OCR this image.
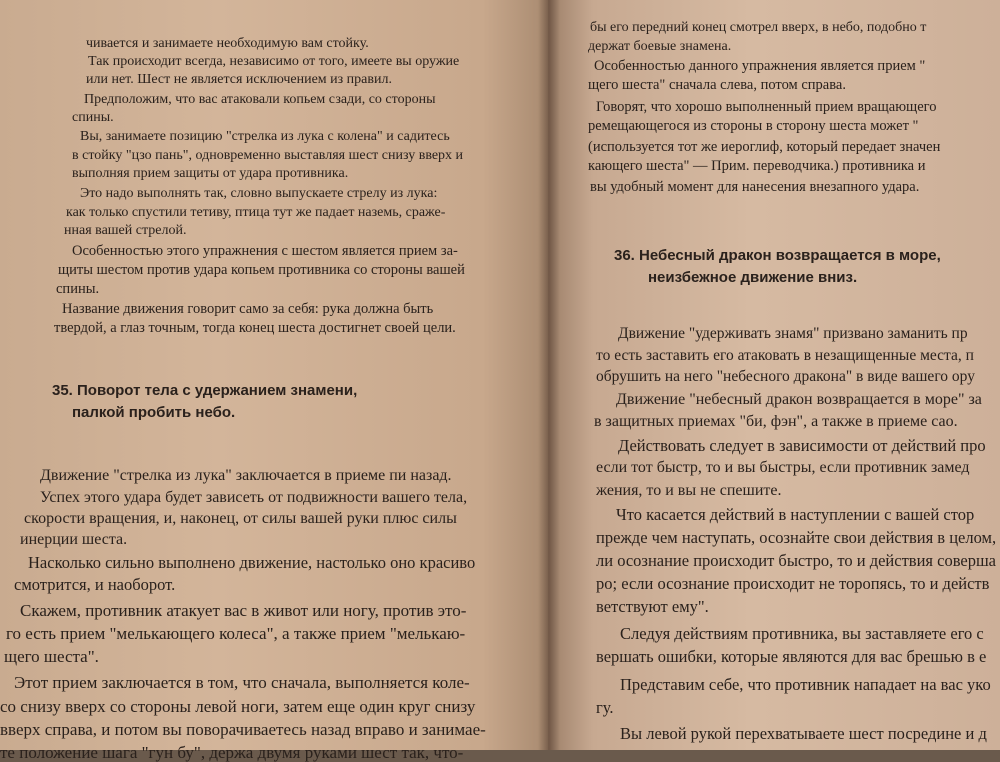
чивается и занимаете необходимую вам стойку.

Так происходит всегда, независимо от того, имеете вы оружие

или нет. Шест не является исключением из правил.

Предположим, что вас атаковали копьем сзади, со стороны

спины.

Вы, занимаете позицию "стрелка из лука с колена" и садитесь

в стойку "цзо пань", одновременно выставляя шест снизу вверх и

выполняя прием защиты от удара противника.

Это надо выполнять так, словно выпускаете стрелу из лука:

как только спустили тетиву, птица тут же падает наземь, сраже-

нная вашей стрелой.

Особенностью этого упражнения с шестом является прием за-

щиты шестом против удара копьем противника со стороны вашей

спины.

Название движения говорит само за себя: рука должна быть

твердой, а глаз точным, тогда конец шеста достигнет своей цели.

35. Поворот тела с удержанием знамени,

палкой пробить небо.

Движение "стрелка из лука" заключается в приеме пи назад.

Успех этого удара будет зависеть от подвижности вашего тела,

скорости вращения, и, наконец, от силы вашей руки плюс силы

инерции шеста.

Насколько сильно выполнено движение, настолько оно красиво

смотрится, и наоборот.

Скажем, противник атакует вас в живот или ногу, против это-

го есть прием "мелькающего колеса", а также прием "мелькаю-

щего шеста".

Этот прием заключается в том, что сначала, выполняется коле-

со снизу вверх со стороны левой ноги, затем еще один круг снизу

вверх справа, и потом вы поворачиваетесь назад вправо и занимае-

те положение шага "гун бу", держа двумя руками шест так, что-

бы его передний конец смотрел вверх, в небо, подобно т

держат боевые знамена.

Особенностью данного упражнения является прием "

щего шеста" сначала слева, потом справа.

Говорят, что хорошо выполненный прием вращающего

ремещающегося из стороны в сторону шеста может "

(используется тот же иероглиф, который передает значен

кающего шеста" — Прим. переводчика.) противника и

вы удобный момент для нанесения внезапного удара.

36. Небесный дракон возвращается в море,

неизбежное движение вниз.

Движение "удерживать знамя" призвано заманить пр

то есть заставить его атаковать в незащищенные места, п

обрушить на него "небесного дракона" в виде вашего ору

Движение "небесный дракон возвращается в море" за

в защитных приемах "би, фэн", а также в приеме сао.

Действовать следует в зависимости от действий про

если тот быстр, то и вы быстры, если противник замед

жения, то и вы не спешите.

Что касается действий в наступлении с вашей стор

прежде чем наступать, осознайте свои действия в целом,

ли осознание происходит быстро, то и действия соверша

ро; если осознание происходит не торопясь, то и действ

ветствуют ему".

Следуя действиям противника, вы заставляете его с

вершать ошибки, которые являются для вас брешью в е

Представим себе, что противник нападает на вас уко

гу.

Вы левой рукой перехватываете шест посредине и д
